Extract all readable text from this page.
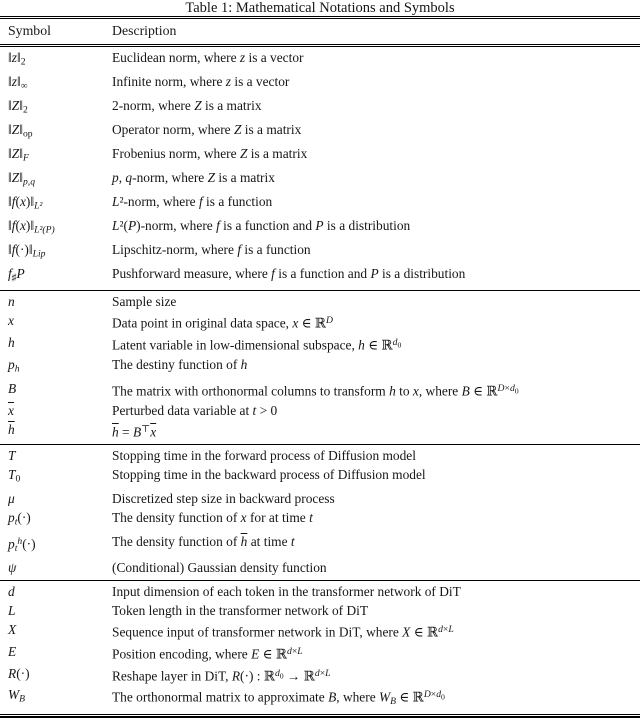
Table 1: Mathematical Notations and Symbols
Symbol	Description
$‖z‖_2$	Euclidean norm, where z is a vector
$‖z‖_\infty$	Infinite norm, where z is a vector
$‖Z‖_2$	2-norm, where Z is a matrix
$‖Z‖_{op}$	Operator norm, where Z is a matrix
$‖Z‖_F$	Frobenius norm, where Z is a matrix
$‖Z‖_{p,q}$	p, q-norm, where Z is a matrix
$‖f(x)‖_{L^2}$	L²-norm, where f is a function
$‖f(x)‖_{L^2(P)}$	L²(P)-norm, where f is a function and P is a distribution
$‖f(\cdot)‖_{Lip}$	Lipschitz-norm, where f is a function
$f_♯P$	Pushforward measure, where f is a function and P is a distribution
n	Sample size
x	Data point in original data space, x ∈ ℝ$^D$
h	Latent variable in low-dimensional subspace, h ∈ ℝ$^d$0
$p_h$	The destiny function of h
B	The matrix with orthonormal columns to transform h to x, where B ∈ ℝ$^{D\times d}$0
$\overline{x}$	Perturbed data variable at t > 0
$\overline{h}$	$\overline{h} = B^⊤\overline{x}$
T	Stopping time in the forward process of Diffusion model
$T_0$	Stopping time in the backward process of Diffusion model
μ	Discretized step size in backward process
$p_t(\cdot)$	The density function of x for at time t
$p_t^h(\cdot)$	The density function of $\overline{h}$ at time t
ψ	(Conditional) Gaussian density function
d	Input dimension of each token in the transformer network of DiT
L	Token length in the transformer network of DiT
X	Sequence input of transformer network in DiT, where X ∈ ℝ$^{d\times L}$
E	Position encoding, where E ∈ ℝ$^{d\times L}$
R(·)	Reshape layer in DiT, R(·) : ℝ$^d$0 → ℝ$^{d\times L}$
$W_B$	The orthonormal matrix to approximate B, where $W_B$ ∈ ℝ$^{D\times d}$0
